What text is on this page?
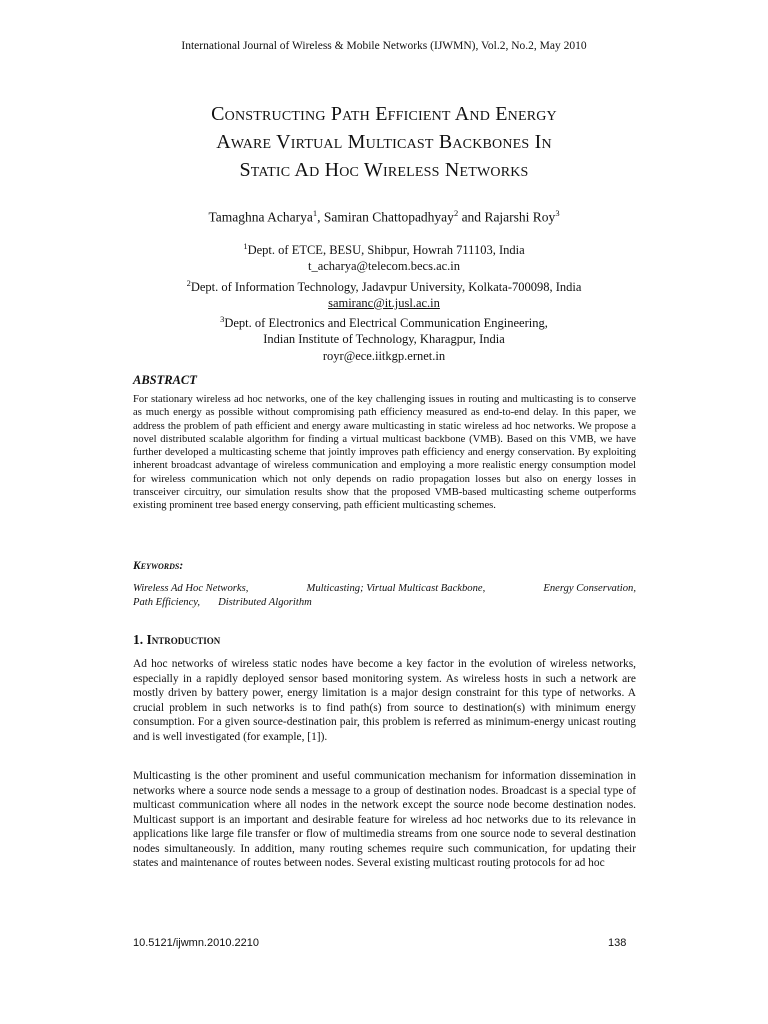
International Journal of Wireless & Mobile Networks (IJWMN), Vol.2, No.2, May 2010
Constructing Path Efficient And Energy
Aware Virtual Multicast Backbones In
Static Ad Hoc Wireless Networks
Tamaghna Acharya$^1$, Samiran Chattopadhyay$^2$ and Rajarshi Roy$^3$
$^1$Dept. of ETCE, BESU, Shibpur, Howrah 711103, India
t_acharya@telecom.becs.ac.in
$^2$Dept. of Information Technology, Jadavpur University, Kolkata-700098, India
samiranc@it.jusl.ac.in
$^3$Dept. of Electronics and Electrical Communication Engineering,
Indian Institute of Technology, Kharagpur, India
royr@ece.iitkgp.ernet.in
ABSTRACT

For stationary wireless ad hoc networks, one of the key challenging issues in routing and multicasting is to conserve as much energy as possible without compromising path efficiency measured as end-to-end delay. In this paper, we address the problem of path efficient and energy aware multicasting in static wireless ad hoc networks. We propose a novel distributed scalable algorithm for finding a virtual multicast backbone (VMB). Based on this VMB, we have further developed a multicasting scheme that jointly improves path efficiency and energy conservation. By exploiting inherent broadcast advantage of wireless communication and employing a more realistic energy consumption model for wireless communication which not only depends on radio propagation losses but also on energy losses in transceiver circuitry, our simulation results show that the proposed VMB-based multicasting scheme outperforms existing prominent tree based energy conserving, path efficient multicasting schemes.

Keywords:
Wireless Ad Hoc Networks,	Multicasting; Virtual Multicast Backbone,	Energy Conservation,
Path Efficiency, Distributed Algorithm
1. Introduction

Ad hoc networks of wireless static nodes have become a key factor in the evolution of wireless networks, especially in a rapidly deployed sensor based monitoring system. As wireless hosts in such a network are mostly driven by battery power, energy limitation is a major design constraint for this type of networks. A crucial problem in such networks is to find path(s) from source to destination(s) with minimum energy consumption. For a given source-destination pair, this problem is referred as minimum-energy unicast routing and is well investigated (for example, [1]).

Multicasting is the other prominent and useful communication mechanism for information dissemination in networks where a source node sends a message to a group of destination nodes. Broadcast is a special type of multicast communication where all nodes in the network except the source node become destination nodes. Multicast support is an important and desirable feature for wireless ad hoc networks due to its relevance in applications like large file transfer or flow of multimedia streams from one source node to several destination nodes simultaneously. In addition, many routing schemes require such communication, for updating their states and maintenance of routes between nodes. Several existing multicast routing protocols for ad hoc

10.5121/ijwmn.2010.2210	138
